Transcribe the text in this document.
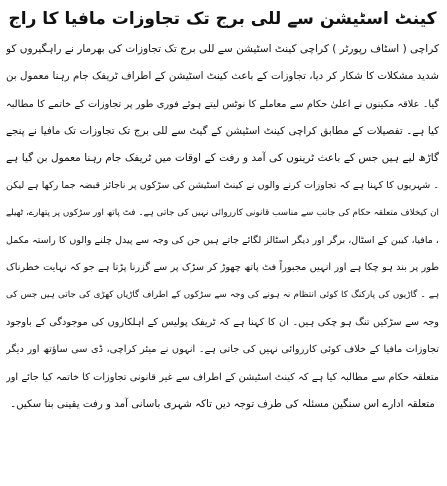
کینٹ اسٹیشن سے للی برج تک تجاوزات مافیا کا راج
کراچی ( اسٹاف رپورٹر ) کراچی کینٹ اسٹیشن سے للی برج تک تجاوزات کی بھرمار نے راہگیروں کو
شدید مشکلات کا شکار کر دیا، تجاوزات کے باعث کینٹ اسٹیشن کے اطراف ٹریفک جام رہنا معمول بن
گیا۔ علاقہ مکینوں نے اعلیٰ حکام سے معاملے کا نوٹس لیتے ہوئے فوری طور پر تجاوزات کے خاتمے کا مطالبہ
کیا ہے۔ تفصیلات کے مطابق کراچی کینٹ اسٹیشن کے گیٹ سے للی برج تک تجاوزات تک مافیا نے پنجے
گاڑھ لیے ہیں جس کے باعث ٹرینوں کی آمد و رفت کے اوقات میں ٹریفک جام رہنا معمول بن گیا ہے
۔ شہریوں کا کہنا ہے کہ تجاوزات کرنے والوں نے کینٹ اسٹیشن کی سڑکوں پر ناجائز قبضہ جما رکھا ہے لیکن
ان کیخلاف متعلقہ حکام کی جانب سے مناسب قانونی کارروائی نہیں کی جاتی ہے۔ فٹ پاتھ اور سڑکوں پر پتھارے، ٹھیلے
، مافیا، کیبن کے اسٹال، برگر اور دیگر اسٹالز لگائے جاتے ہیں جن کی وجہ سے پیدل چلنے والوں کا راستہ مکمل
طور پر بند ہو چکا ہے اور انہیں مجبوراً فٹ پاتھ چھوڑ کر سڑک پر سے گزرنا پڑتا ہے جو کہ نہایت خطرناک
ہے ۔ گاڑیوں کی پارکنگ کا کوئی انتظام نہ ہونے کی وجہ سے سڑکوں کے اطراف گاڑیاں کھڑی کی جاتی ہیں جس کی
وجہ سے سڑکیں تنگ ہو چکی ہیں۔ ان کا کہنا ہے کہ ٹریفک پولیس کے اہلکاروں کی موجودگی کے باوجود
تجاوزات مافیا کے خلاف کوئی کارروائی نہیں کی جاتی ہے۔ انہوں نے میئر کراچی، ڈی سی ساؤتھ اور دیگر
متعلقہ حکام سے مطالبہ کیا ہے کہ کینٹ اسٹیشن کے اطراف سے غیر قانونی تجاوزات کا خاتمہ کیا جائے اور
متعلقہ ادارے اس سنگین مسئلہ کی طرف توجہ دیں تاکہ شہری باسانی آمد و رفت یقینی بنا سکیں۔
